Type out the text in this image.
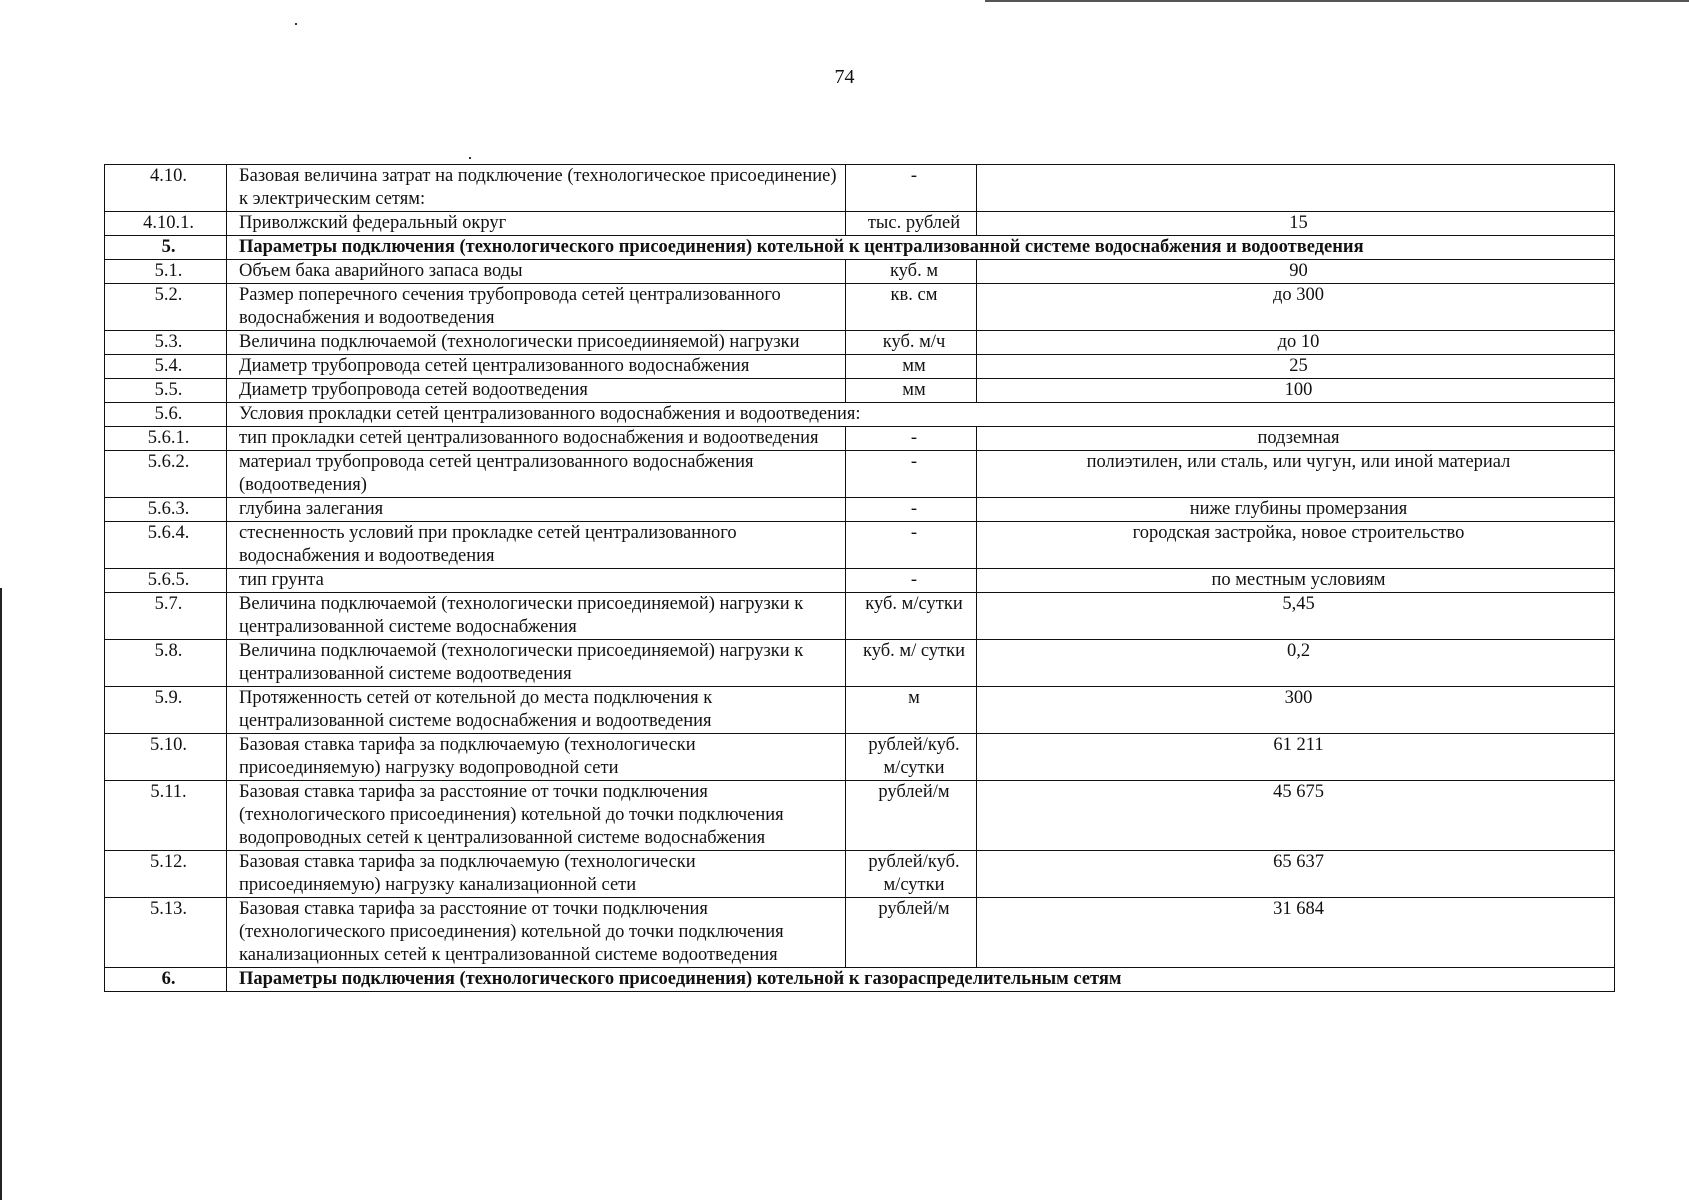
74
4.10.	Базовая величина затрат на подключение (технологическое присоединение) к электрическим сетям:	-	
4.10.1.	Приволжский федеральный округ	тыс. рублей	15
5.	Параметры подключения (технологического присоединения) котельной к централизованной системе водоснабжения и водоотведения		
5.1.	Объем бака аварийного запаса воды	куб. м	90
5.2.	Размер поперечного сечения трубопровода сетей централизованного водоснабжения и водоотведения	кв. см	до 300
5.3.	Величина подключаемой (технологически присоедииняемой) нагрузки	куб. м/ч	до 10
5.4.	Диаметр трубопровода сетей централизованного водоснабжения	мм	25
5.5.	Диаметр трубопровода сетей водоотведения	мм	100
5.6.	Условия прокладки сетей централизованного водоснабжения и водоотведения:		
5.6.1.	тип прокладки сетей централизованного водоснабжения и водоотведения	-	подземная
5.6.2.	материал трубопровода сетей централизованного водоснабжения (водоотведения)	-	полиэтилен, или сталь, или чугун, или иной материал
5.6.3.	глубина залегания	-	ниже глубины промерзания
5.6.4.	стесненность условий при прокладке сетей централизованного водоснабжения и водоотведения	-	городская застройка, новое строительство
5.6.5.	тип грунта	-	по местным условиям
5.7.	Величина подключаемой (технологически присоединяемой) нагрузки к централизованной системе водоснабжения	куб. м/сутки	5,45
5.8.	Величина подключаемой (технологически присоединяемой) нагрузки к централизованной системе водоотведения	куб. м/ сутки	0,2
5.9.	Протяженность сетей от котельной до места подключения к централизованной системе водоснабжения и водоотведения	м	300
5.10.	Базовая ставка тарифа за подключаемую (технологически присоединяемую) нагрузку водопроводной сети	рублей/куб. м/сутки	61 211
5.11.	Базовая ставка тарифа за расстояние от точки подключения (технологического присоединения) котельной до точки подключения водопроводных сетей к централизованной системе водоснабжения	рублей/м	45 675
5.12.	Базовая ставка тарифа за подключаемую (технологически присоединяемую) нагрузку канализационной сети	рублей/куб. м/сутки	65 637
5.13.	Базовая ставка тарифа за расстояние от точки подключения (технологического присоединения) котельной до точки подключения канализационных сетей к централизованной системе водоотведения	рублей/м	31 684
6.	Параметры подключения (технологического присоединения) котельной к газораспределительным сетям		
